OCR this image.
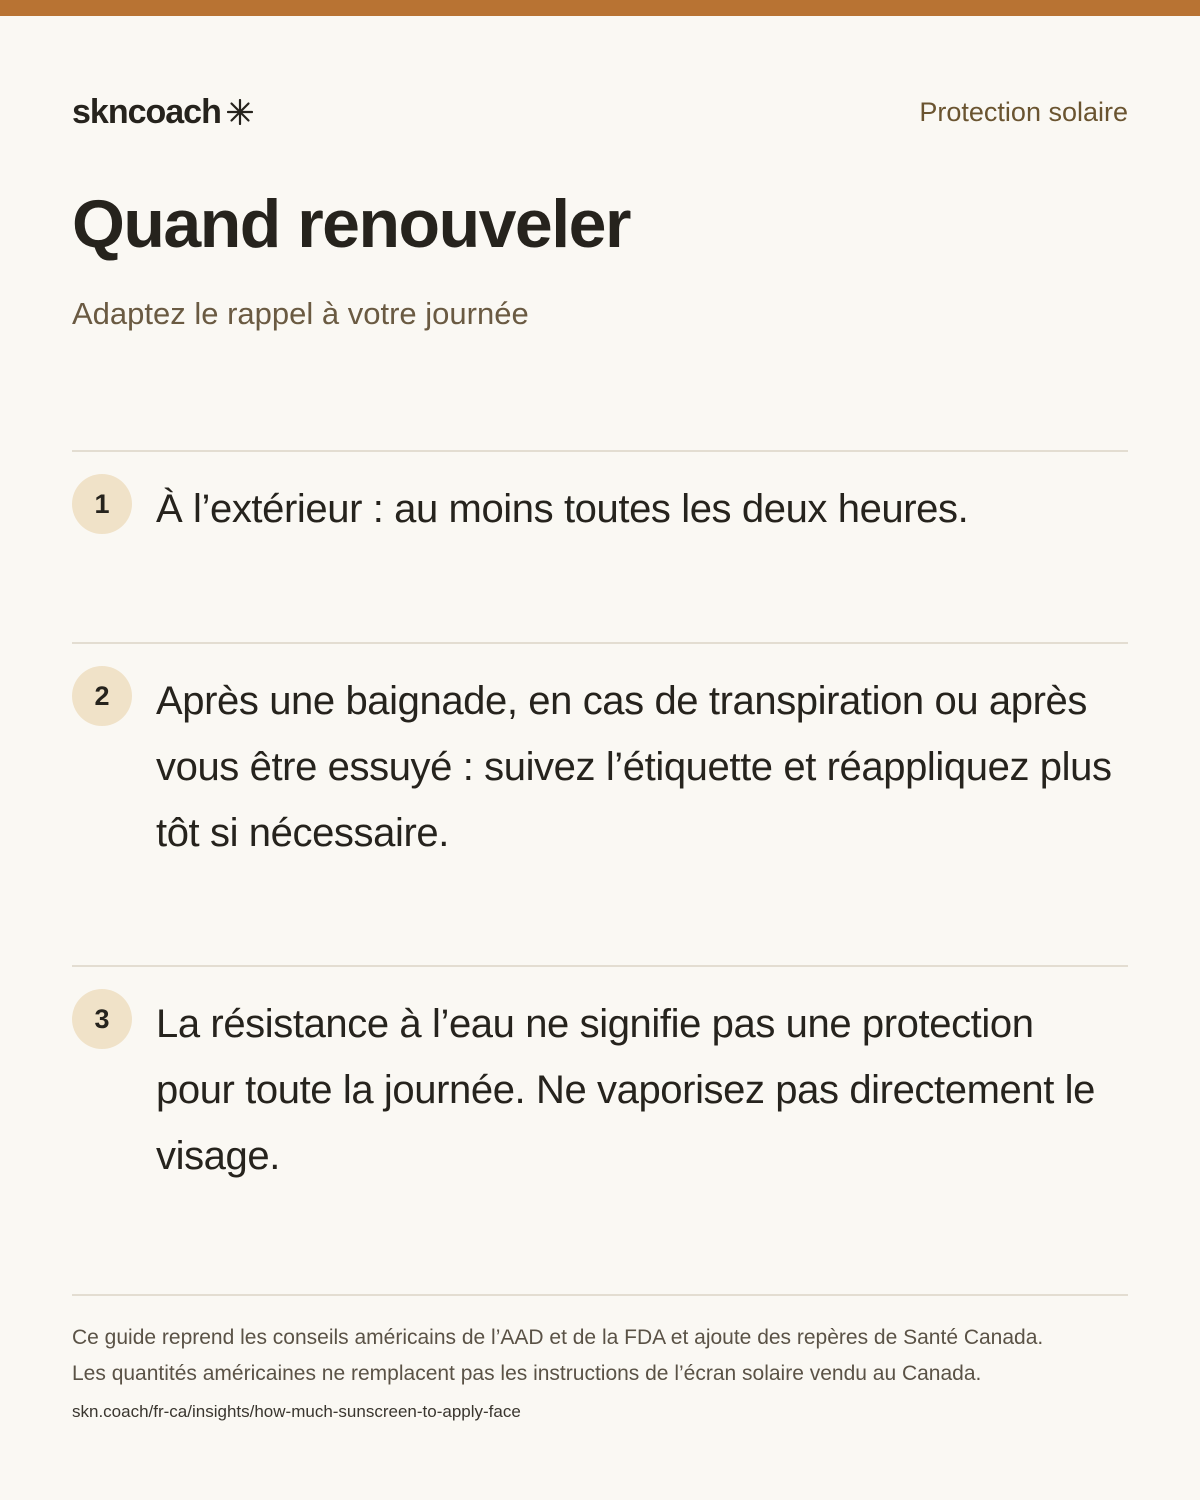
skncoach	Protection solaire
Quand renouveler
Adaptez le rappel à votre journée
1	À l’extérieur : au moins toutes les deux heures.
2	Après une baignade, en cas de transpiration ou après vous être essuyé : suivez l’étiquette et réappliquez plus tôt si nécessaire.
3	La résistance à l’eau ne signifie pas une protection pour toute la journée. Ne vaporisez pas directement le visage.
Ce guide reprend les conseils américains de l’AAD et de la FDA et ajoute des repères de Santé Canada.
Les quantités américaines ne remplacent pas les instructions de l’écran solaire vendu au Canada.
skn.coach/fr-ca/insights/how-much-sunscreen-to-apply-face
